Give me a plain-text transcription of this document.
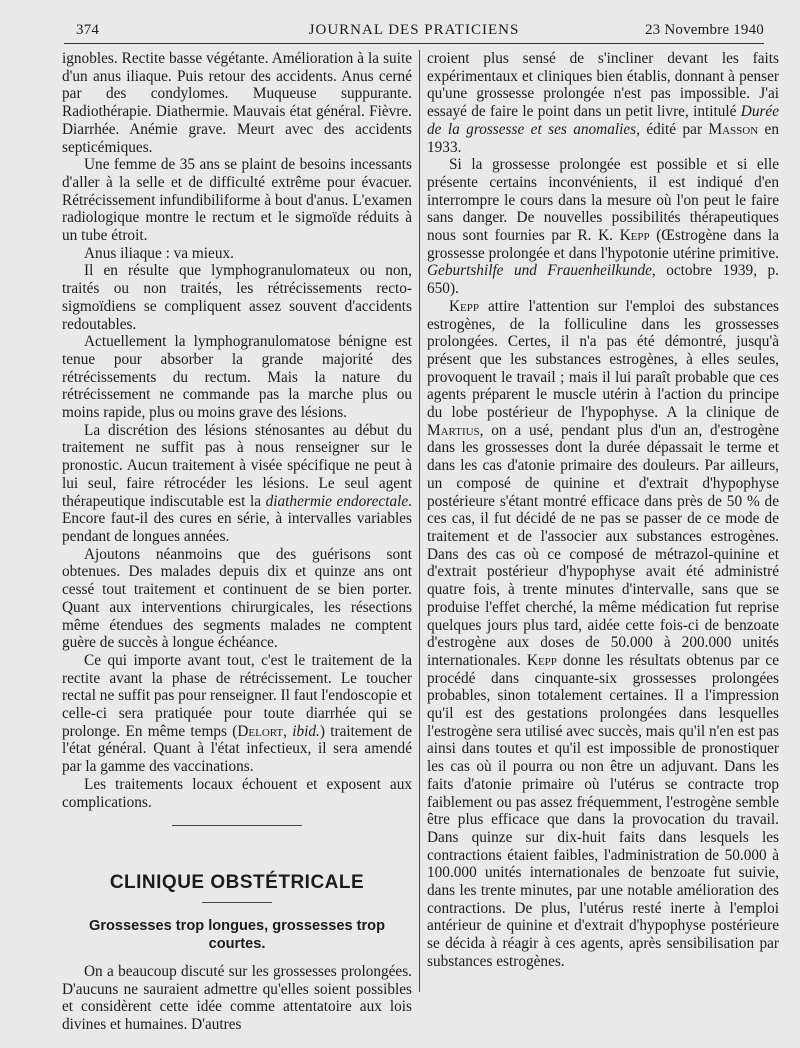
374	JOURNAL DES PRATICIENS	23 Novembre 1940

ignobles. Rectite basse végétante. Amélioration à la suite d'un anus iliaque. Puis retour des accidents. Anus cerné par des condylomes. Muqueuse suppurante. Radiothérapie. Diathermie. Mauvais état général. Fièvre. Diarrhée. Anémie grave. Meurt avec des accidents septicémiques.

Une femme de 35 ans se plaint de besoins incessants d'aller à la selle et de difficulté extrême pour évacuer. Rétrécissement infundibiliforme à bout d'anus. L'examen radiologique montre le rectum et le sigmoïde réduits à un tube étroit.

Anus iliaque : va mieux.

Il en résulte que lymphogranulomateux ou non, traités ou non traités, les rétrécissements recto-sigmoïdiens se compliquent assez souvent d'accidents redoutables.

Actuellement la lymphogranulomatose bénigne est tenue pour absorber la grande majorité des rétrécissements du rectum. Mais la nature du rétrécissement ne commande pas la marche plus ou moins rapide, plus ou moins grave des lésions.

La discrétion des lésions sténosantes au début du traitement ne suffit pas à nous renseigner sur le pronostic. Aucun traitement à visée spécifique ne peut à lui seul, faire rétrocéder les lésions. Le seul agent thérapeutique indiscutable est la diathermie endorectale. Encore faut-il des cures en série, à intervalles variables pendant de longues années.

Ajoutons néanmoins que des guérisons sont obtenues. Des malades depuis dix et quinze ans ont cessé tout traitement et continuent de se bien porter. Quant aux interventions chirurgicales, les résections même étendues des segments malades ne comptent guère de succès à longue échéance.

Ce qui importe avant tout, c'est le traitement de la rectite avant la phase de rétrécissement. Le toucher rectal ne suffit pas pour renseigner. Il faut l'endoscopie et celle-ci sera pratiquée pour toute diarrhée qui se prolonge. En même temps (Delort, ibid.) traitement de l'état général. Quant à l'état infectieux, il sera amendé par la gamme des vaccinations.

Les traitements locaux échouent et exposent aux complications.

CLINIQUE OBSTÉTRICALE
Grossesses trop longues, grossesses trop courtes.

On a beaucoup discuté sur les grossesses prolongées. D'aucuns ne sauraient admettre qu'elles soient possibles et considèrent cette idée comme attentatoire aux lois divines et humaines. D'autres

croient plus sensé de s'incliner devant les faits expérimentaux et cliniques bien établis, donnant à penser qu'une grossesse prolongée n'est pas impossible. J'ai essayé de faire le point dans un petit livre, intitulé Durée de la grossesse et ses anomalies, édité par Masson en 1933.

Si la grossesse prolongée est possible et si elle présente certains inconvénients, il est indiqué d'en interrompre le cours dans la mesure où l'on peut le faire sans danger. De nouvelles possibilités thérapeutiques nous sont fournies par R. K. Kepp (Œstrogène dans la grossesse prolongée et dans l'hypotonie utérine primitive. Geburtshilfe und Frauenheilkunde, octobre 1939, p. 650).

Kepp attire l'attention sur l'emploi des substances estrogènes, de la folliculine dans les grossesses prolongées. Certes, il n'a pas été démontré, jusqu'à présent que les substances estrogènes, à elles seules, provoquent le travail ; mais il lui paraît probable que ces agents préparent le muscle utérin à l'action du principe du lobe postérieur de l'hypophyse. A la clinique de Martius, on a usé, pendant plus d'un an, d'estrogène dans les grossesses dont la durée dépassait le terme et dans les cas d'atonie primaire des douleurs. Par ailleurs, un composé de quinine et d'extrait d'hypophyse postérieure s'étant montré efficace dans près de 50 % de ces cas, il fut décidé de ne pas se passer de ce mode de traitement et de l'associer aux substances estrogènes. Dans des cas où ce composé de métrazol-quinine et d'extrait postérieur d'hypophyse avait été administré quatre fois, à trente minutes d'intervalle, sans que se produise l'effet cherché, la même médication fut reprise quelques jours plus tard, aidée cette fois-ci de benzoate d'estrogène aux doses de 50.000 à 200.000 unités internationales. Kepp donne les résultats obtenus par ce procédé dans cinquante-six grossesses prolongées probables, sinon totalement certaines. Il a l'impression qu'il est des gestations prolongées dans lesquelles l'estrogène sera utilisé avec succès, mais qu'il n'en est pas ainsi dans toutes et qu'il est impossible de pronostiquer les cas où il pourra ou non être un adjuvant. Dans les faits d'atonie primaire où l'utérus se contracte trop faiblement ou pas assez fréquemment, l'estrogène semble être plus efficace que dans la provocation du travail. Dans quinze sur dix-huit faits dans lesquels les contractions étaient faibles, l'administration de 50.000 à 100.000 unités internationales de benzoate fut suivie, dans les trente minutes, par une notable amélioration des contractions. De plus, l'utérus resté inerte à l'emploi antérieur de quinine et d'extrait d'hypophyse postérieure se décida à réagir à ces agents, après sensibilisation par substances estrogènes.
